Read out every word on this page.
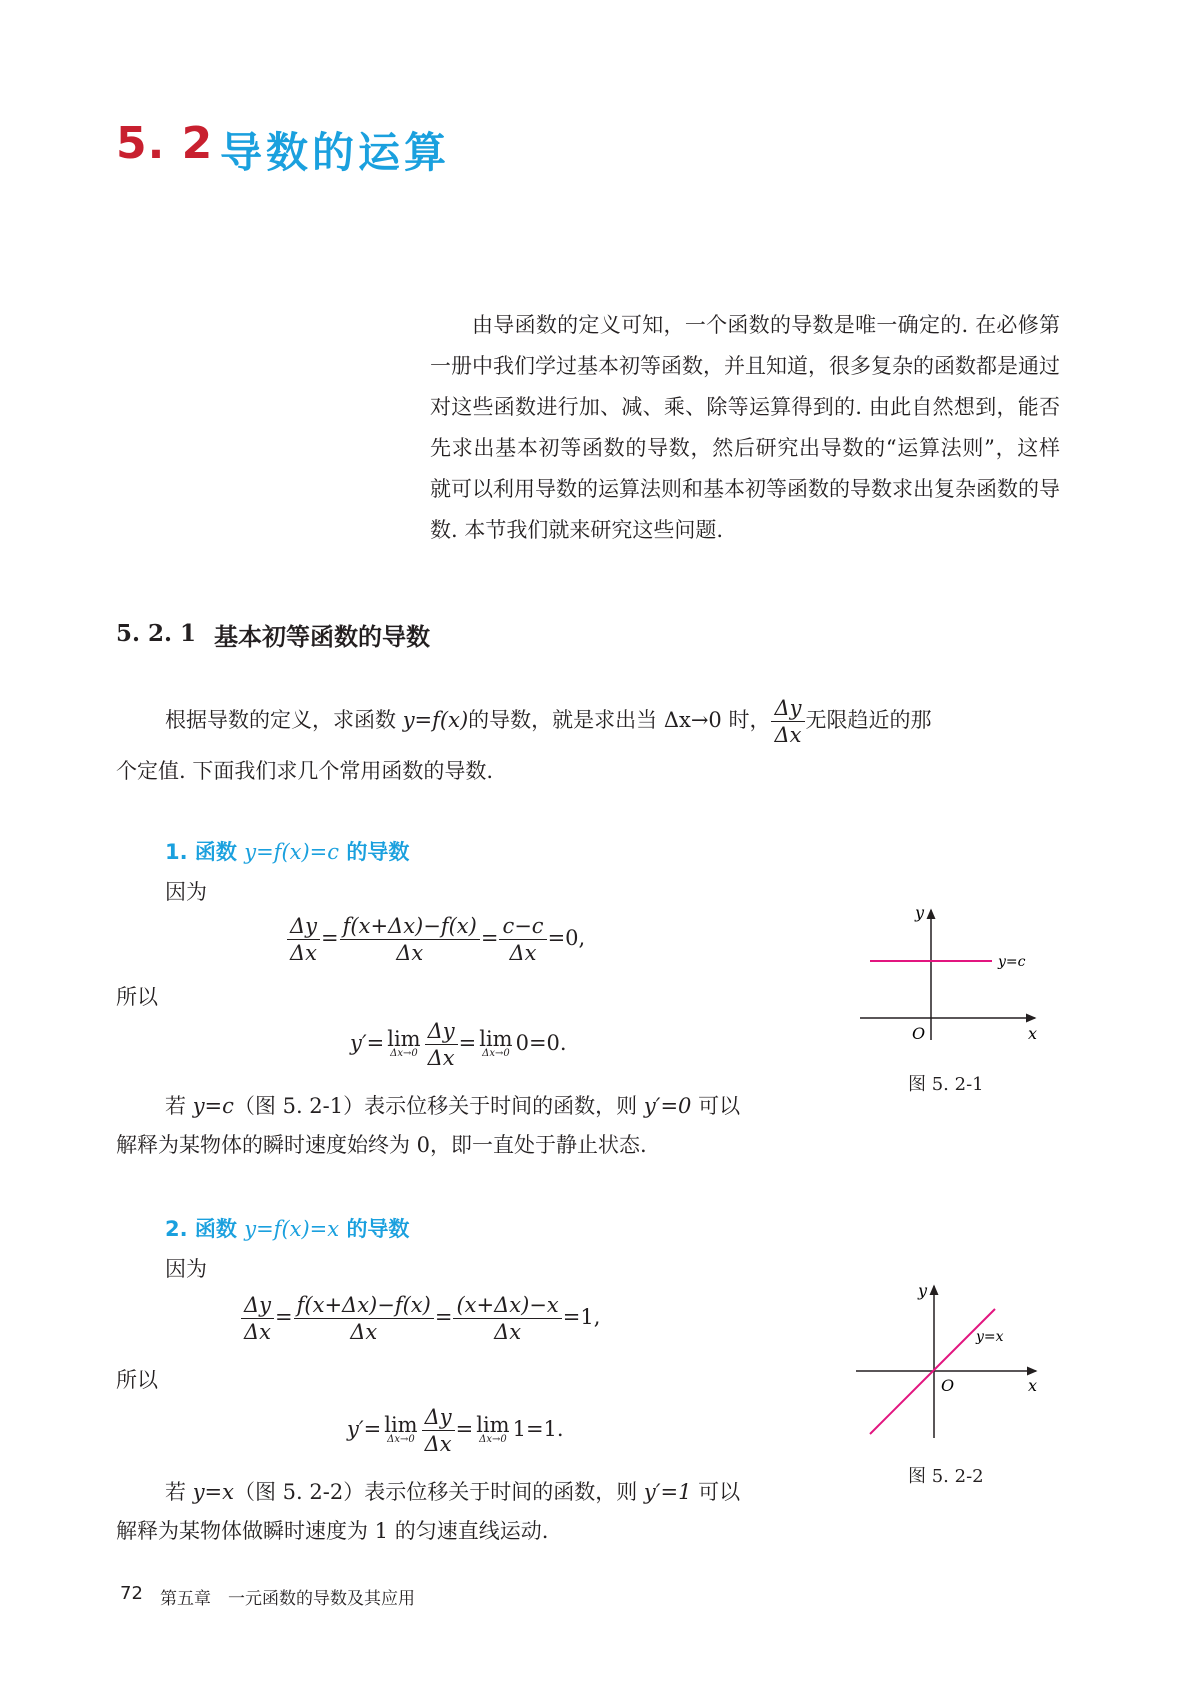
5. 2 导数的运算

由导函数的定义可知，一个函数的导数是唯一确定的. 在必修第一册中我们学过基本初等函数，并且知道，很多复杂的函数都是通过对这些函数进行加、减、乘、除等运算得到的. 由此自然想到，能否先求出基本初等函数的导数，然后研究出导数的“运算法则”，这样就可以利用导数的运算法则和基本初等函数的导数求出复杂函数的导数. 本节我们就来研究这些问题.

5. 2. 1 基本初等函数的导数
根据导数的定义，求函数 y=f(x)的导数，就是求出当 Δx→0 时， $\frac{\Delta y}{\Delta x}$ 无限趋近的那
个定值. 下面我们求几个常用函数的导数.
1. 函数 y=f(x)=c 的导数
因为
$\frac{\Delta y}{\Delta x} = \frac{f(x+\Delta x)-f(x)}{\Delta x} = \frac{c-c}{\Delta x} =0$,
所以
y′= lim
$\Delta x\to 0 \frac{\Delta y}{\Delta x} = \lim$
Δx→0 0=0.
若 y=c（图 5. 2-1）表示位移关于时间的函数，则 y′=0 可以
解释为某物体的瞬时速度始终为 0，即一直处于静止状态.
y
x
O
y=c
图 5. 2-1
2. 函数 y=f(x)=x 的导数
因为
$\frac{\Delta y}{\Delta x} = \frac{f(x+\Delta x)-f(x)}{\Delta x} = \frac{(x+\Delta x)-x}{\Delta x} =1$,
所以
y′= lim
$\Delta x\to 0 \frac{\Delta y}{\Delta x} = \lim$
Δx→0 1=1.
若 y=x（图 5. 2-2）表示位移关于时间的函数，则 y′=1 可以
解释为某物体做瞬时速度为 1 的匀速直线运动.
y
x
O
y=x
图 5. 2-2
72 第五章　一元函数的导数及其应用
